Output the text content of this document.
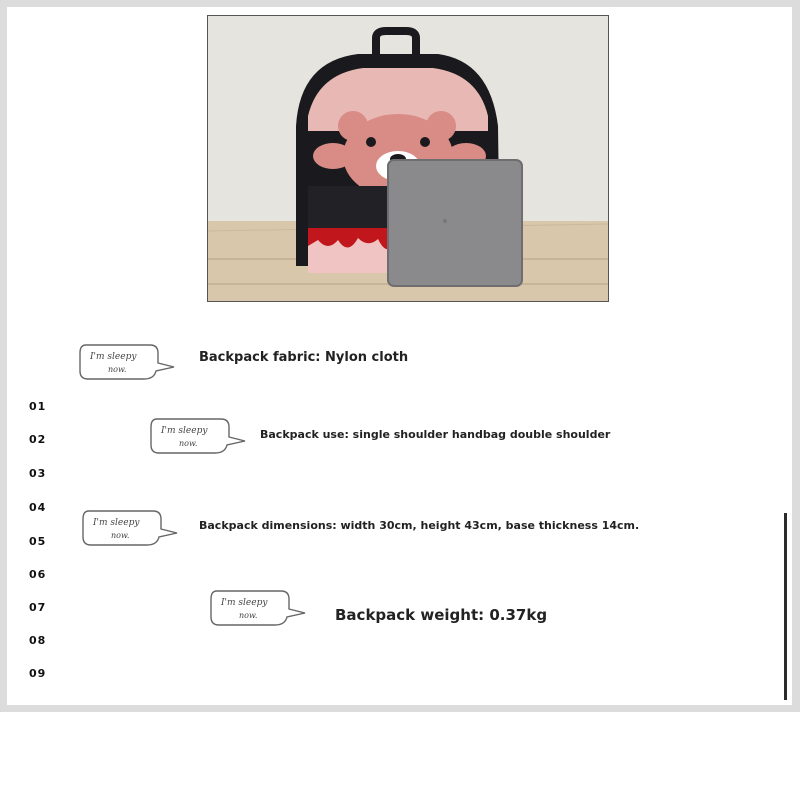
I'm sleepy
now.
I'm sleepy
now.
I'm sleepy
now.
I'm sleepy
now.
Backpack fabric: Nylon cloth
Backpack use: single shoulder handbag double shoulder
Backpack dimensions: width 30cm, height 43cm, base thickness 14cm.
Backpack weight: 0.37kg
01
02
03
04
05
06
07
08
09
